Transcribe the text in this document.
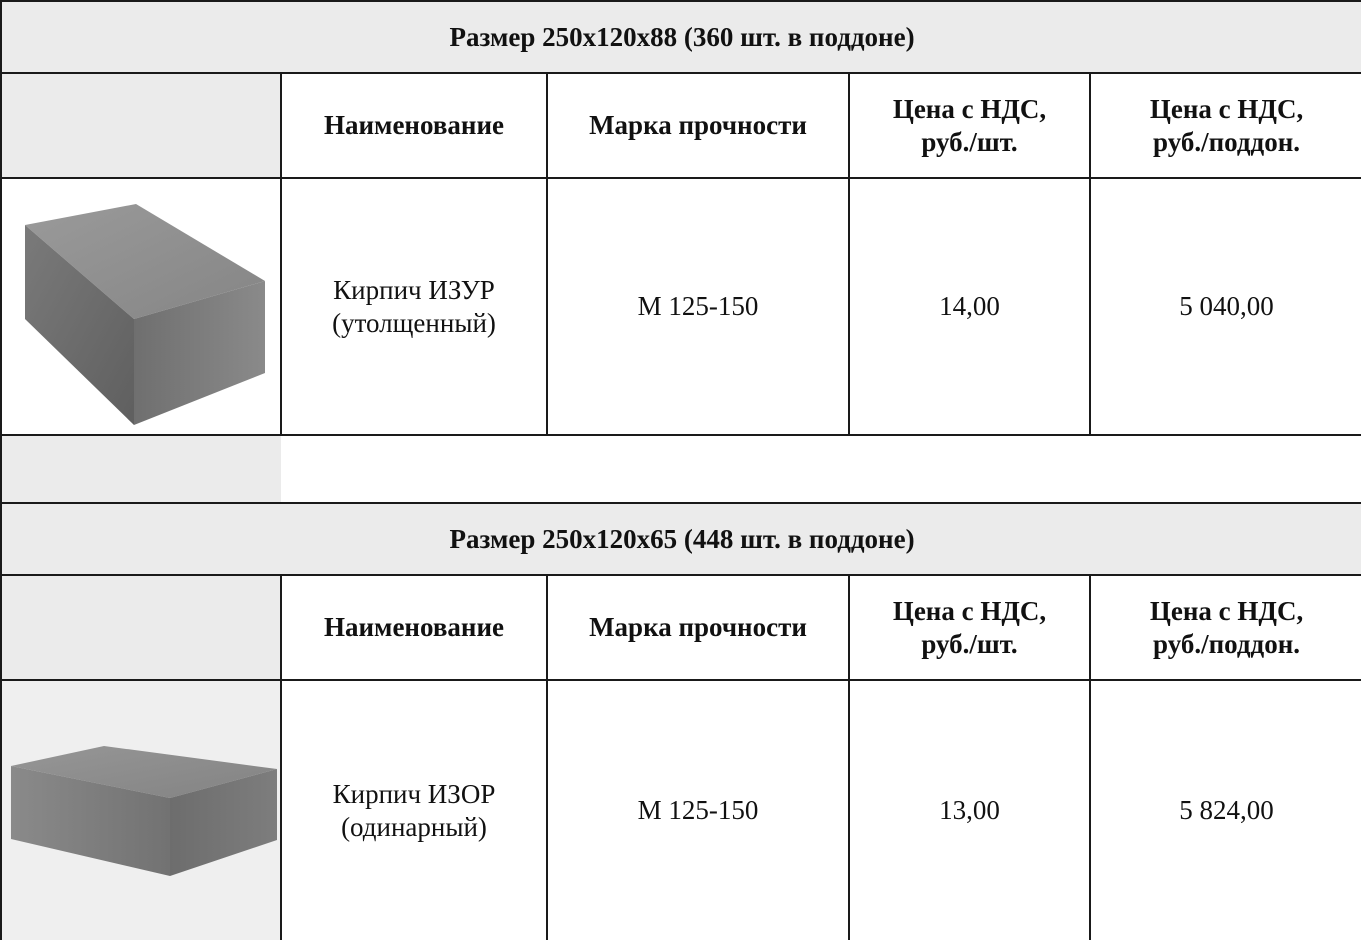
Размер 250x120x88 (360 шт. в поддоне)				
	Наименование	Марка прочности	Цена с НДС,
руб./шт.	Цена с НДС,
руб./поддон.

	Кирпич ИЗУР
(утолщенный)	М 125-150	14,00	5 040,00

Размер 250x120x65 (448 шт. в поддоне)				
	Наименование	Марка прочности	Цена с НДС,
руб./шт.	Цена с НДС,
руб./поддон.

	Кирпич ИЗОР
(одинарный)	М 125-150	13,00	5 824,00
